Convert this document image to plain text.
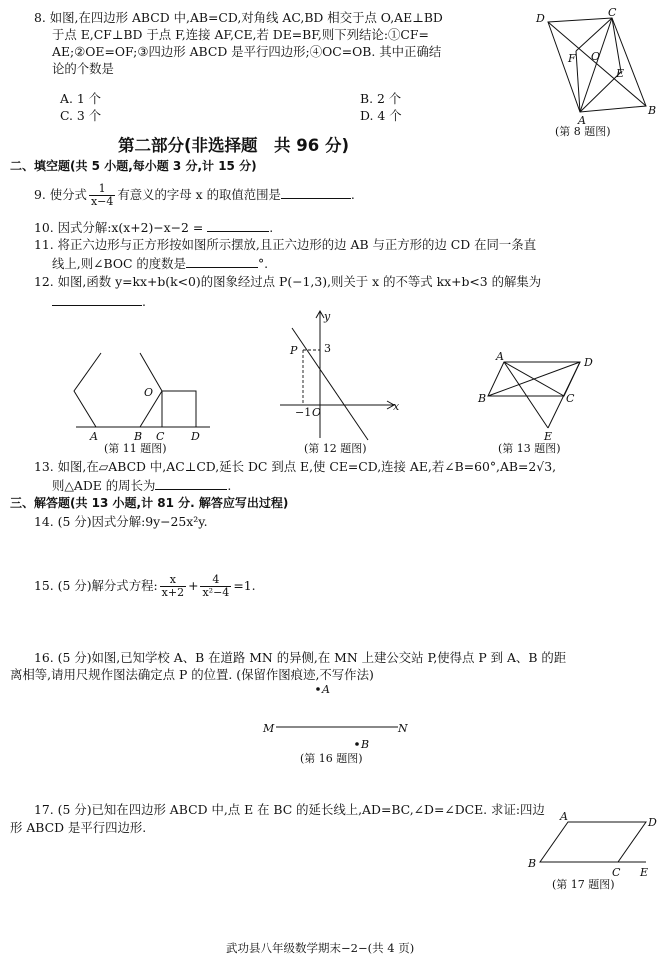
8. 如图,在四边形 ABCD 中,AB=CD,对角线 AC,BD 相交于点 O,AE⊥BD
于点 E,CF⊥BD 于点 F,连接 AF,CE,若 DE=BF,则下列结论:①CF=
AE;②OE=OF;③四边形 ABCD 是平行四边形;④OC=OB. 其中正确结
论的个数是
A. 1 个	B. 2 个
C. 3 个	D. 4 个
D	C
F O
E
A
B
(第 8 题图)
第二部分(非选择题　共 96 分)
二、填空题(共 5 小题,每小题 3 分,计 15 分)
9. 使分式 $\frac{1}{x-4}$ 有意义的字母 x 的取值范围是	.
10. 因式分解:x(x+2)−x−2 =	.
11. 将正六边形与正方形按如图所示摆放,且正六边形的边 AB 与正方形的边 CD 在同一条直
线上,则∠BOC 的度数是	°.
12. 如图,函数 y=kx+b(k<0)的图象经过点 P(−1,3),则关于 x 的不等式 kx+b<3 的解集为
.
O
A	B C D
(第 11 题图)
y
P 3
−1 O	x
(第 12 题图)
A	D
B	C
E
(第 13 题图)
13. 如图,在▱ABCD 中,AC⊥CD,延长 DC 到点 E,使 CE=CD,连接 AE,若∠B=60°,AB=2√3,
则△ADE 的周长为	.
三、解答题(共 13 小题,计 81 分. 解答应写出过程)
14. (5 分)因式分解:9y−25x²y.
15. (5 分)解分式方程: $\frac{x}{x+2} + \frac{4}{\text{x²−4}} =1$.
16. (5 分)如图,已知学校 A、B 在道路 MN 的异侧,在 MN 上建公交站 P,使得点 P 到 A、B 的距
离相等,请用尺规作图法确定点 P 的位置. (保留作图痕迹,不写作法)
A
M	N
B
(第 16 题图)
17. (5 分)已知在四边形 ABCD 中,点 E 在 BC 的延长线上,AD=BC,∠D=∠DCE. 求证:四边
形 ABCD 是平行四边形.
A	D
B
C E
(第 17 题图)
武功县八年级数学期末−2−(共 4 页)
